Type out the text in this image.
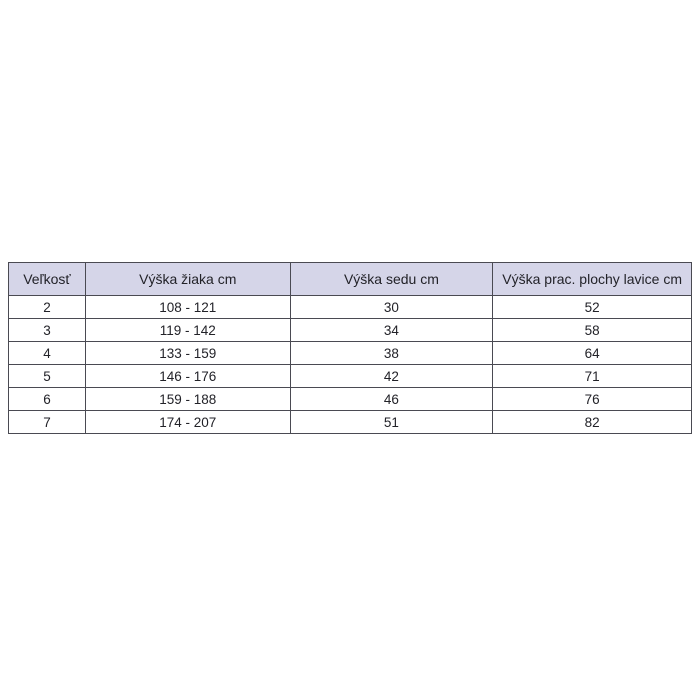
Veľkosť	Výška žiaka cm	Výška sedu cm	Výška prac. plochy lavice cm
2	108 - 121	30	52
3	119 - 142	34	58
4	133 - 159	38	64
5	146 - 176	42	71
6	159 - 188	46	76
7	174 - 207	51	82
